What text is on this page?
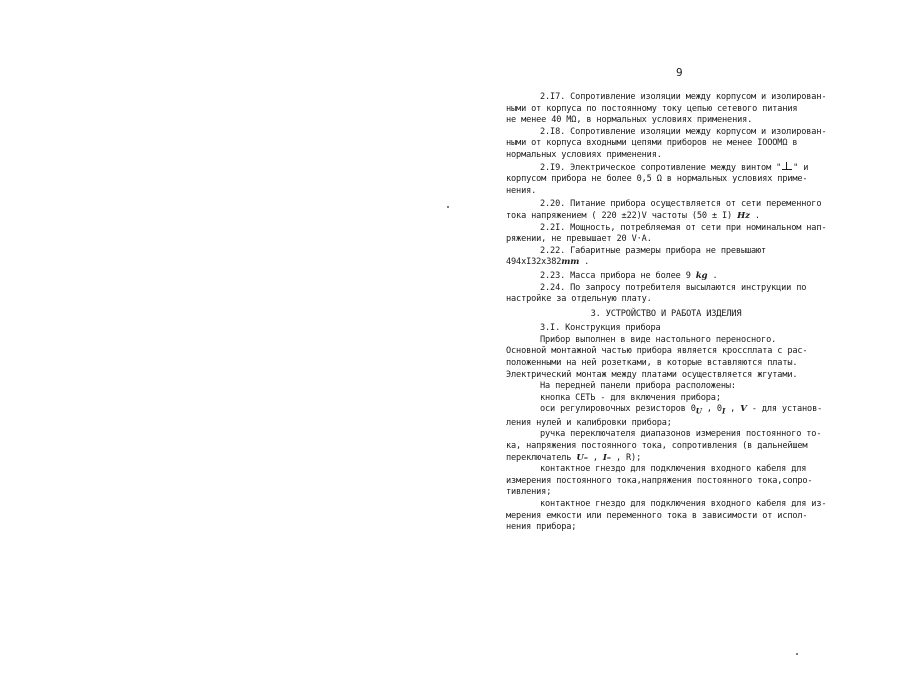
9
2.I7. Сопротивление изоляции между корпусом и изолирован-
ными от корпуса по постоянному току цепью сетевого питания
не менее 40 MΩ, в нормальных условиях применения.
2.I8. Сопротивление изоляции между корпусом и изолирован-
ными от корпуса входными цепями приборов не менее IOOOMΩ в
нормальных условиях применения.
2.I9. Электрическое сопротивление между винтом " " и
корпусом прибора не более 0,5 Ω в нормальных условиях приме-
нения.
2.20. Питание прибора осуществляется от сети переменного
тока напряжением ( 220 ±22)V частоты (50 ± I) Hz .
2.2I. Мощность, потребляемая от сети при номинальном нап-
ряжении, не превышает 20 V·A.
2.22. Габаритные размеры прибора не превышают
494хI32х382mm .
2.23. Масса прибора не более 9 kg .
2.24. По запросу потребителя высылаются инструкции по
настройке за отдельную плату.
3. УСТРОЙСТВО И РАБОТА ИЗДЕЛИЯ
3.I. Конструкция прибора
Прибор выполнен в виде настольного переносного.
Основной монтажной частью прибора является кроссплата с рас-
положенными на ней розетками, в которые вставляются платы.
Электрический монтаж между платами осуществляется жгутами.
На передней панели прибора расположены:
кнопка СЕТЬ - для включения прибора;
оси регулировочных резисторов $0_U$ , $0_I$ , V - для установ-
ления нулей и калибровки прибора;
ручка переключателя диапазонов измерения постоянного то-
ка, напряжения постоянного тока, сопротивления (в дальнейшем
переключатель U– , I– , R);
контактное гнездо для подключения входного кабеля для
измерения постоянного тока,напряжения постоянного тока,сопро-
тивления;
контактное гнездо для подключения входного кабеля для из-
мерения емкости или переменного тока в зависимости от испол-
нения прибора;
